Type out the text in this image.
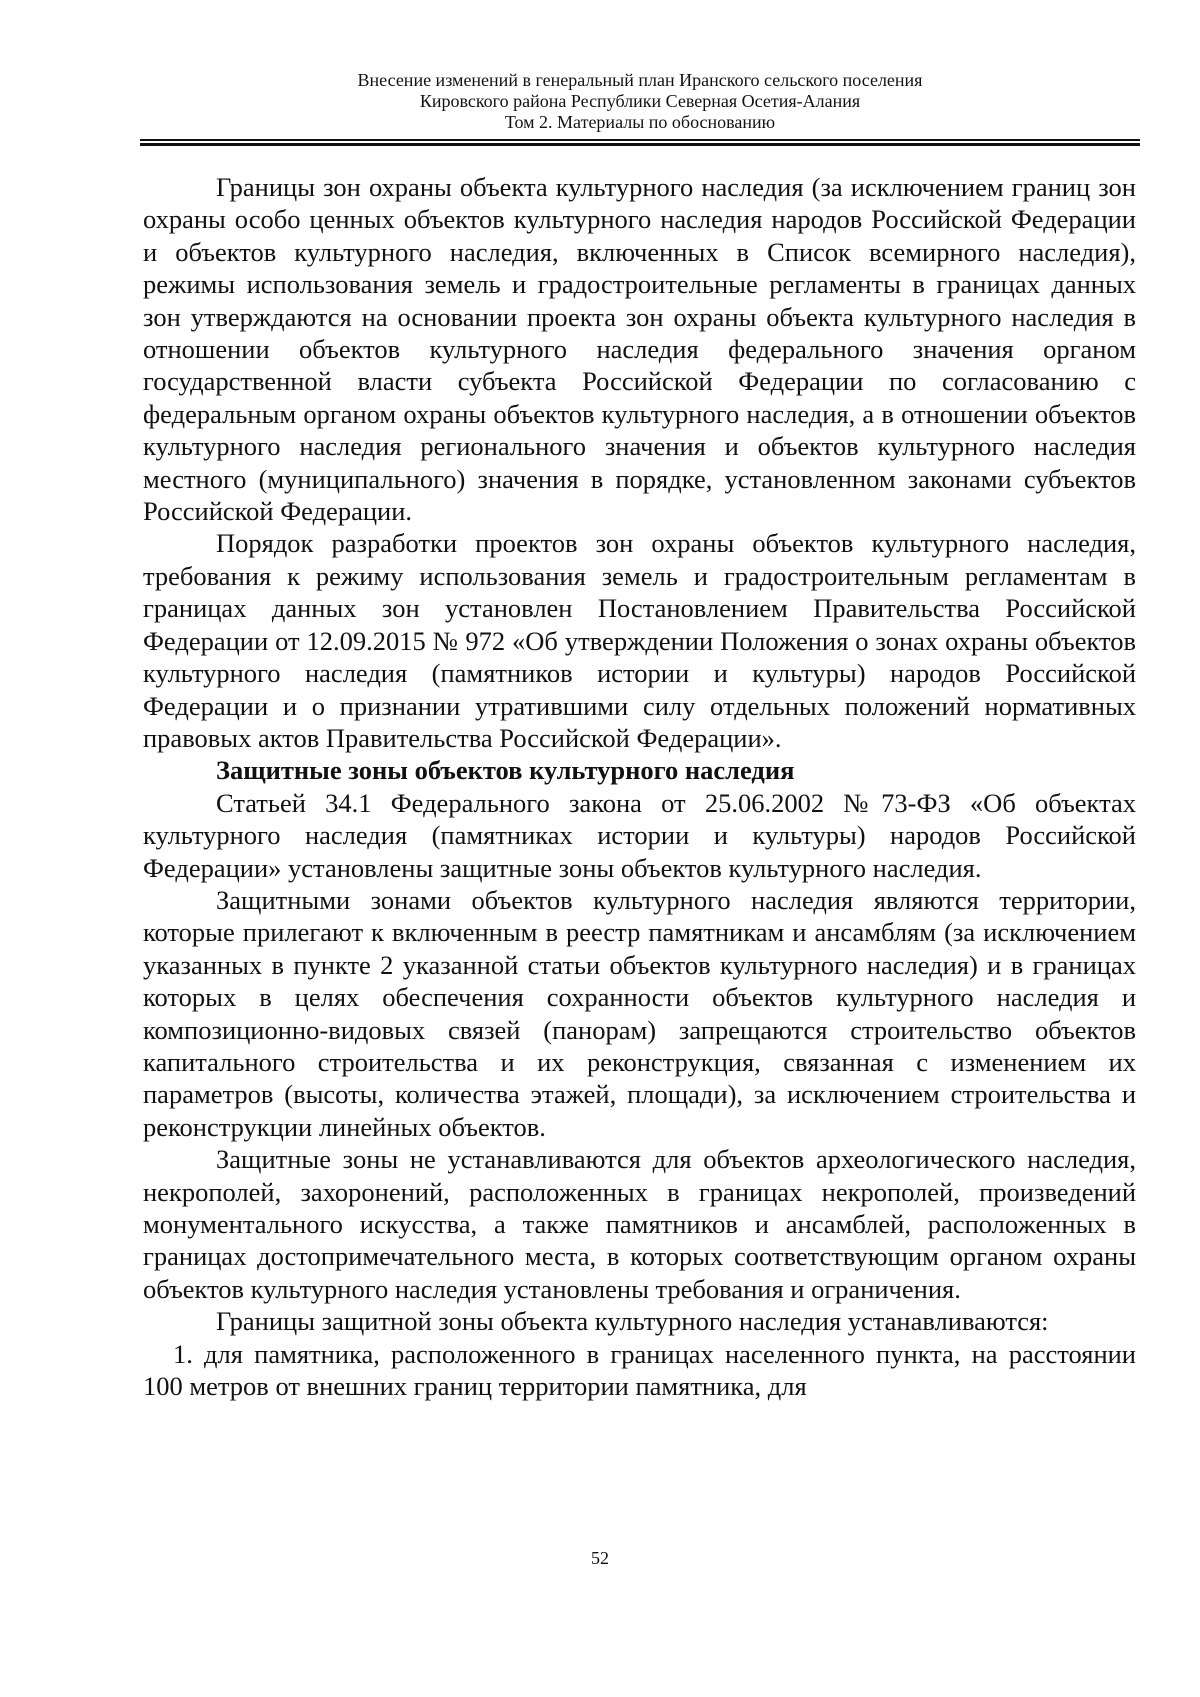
Внесение изменений в генеральный план Иранского сельского поселения
Кировского района Республики Северная Осетия-Алания
Том 2. Материалы по обоснованию

Границы зон охраны объекта культурного наследия (за исключением границ зон охраны особо ценных объектов культурного наследия народов Российской Федерации и объектов культурного наследия, включенных в Список всемирного наследия), режимы использования земель и градостроительные регламенты в границах данных зон утверждаются на основании проекта зон охраны объекта культурного наследия в отношении объектов культурного наследия федерального значения органом государственной власти субъекта Российской Федерации по согласованию с федеральным органом охраны объектов культурного наследия, а в отношении объектов культурного наследия регионального значения и объектов культурного наследия местного (муниципального) значения в порядке, установленном законами субъектов Российской Федерации.

Порядок разработки проектов зон охраны объектов культурного наследия, требования к режиму использования земель и градостроительным регламентам в границах данных зон установлен Постановлением Правительства Российской Федерации от 12.09.2015 № 972 «Об утверждении Положения о зонах охраны объектов культурного наследия (памятников истории и культуры) народов Российской Федерации и о признании утратившими силу отдельных положений нормативных правовых актов Правительства Российской Федерации».

Защитные зоны объектов культурного наследия

Статьей 34.1 Федерального закона от 25.06.2002 №73-ФЗ «Об объектах культурного наследия (памятниках истории и культуры) народов Российской Федерации» установлены защитные зоны объектов культурного наследия.

Защитными зонами объектов культурного наследия являются территории, которые прилегают к включенным в реестр памятникам и ансамблям (за исключением указанных в пункте 2 указанной статьи объектов культурного наследия) и в границах которых в целях обеспечения сохранности объектов культурного наследия и композиционно-видовых связей (панорам) запрещаются строительство объектов капитального строительства и их реконструкция, связанная с изменением их параметров (высоты, количества этажей, площади), за исключением строительства и реконструкции линейных объектов.

Защитные зоны не устанавливаются для объектов археологического наследия, некрополей, захоронений, расположенных в границах некрополей, произведений монументального искусства, а также памятников и ансамблей, расположенных в границах достопримечательного места, в которых соответствующим органом охраны объектов культурного наследия установлены требования и ограничения.

Границы защитной зоны объекта культурного наследия устанавливаются:

1. для памятника, расположенного в границах населенного пункта, на расстоянии 100 метров от внешних границ территории памятника, для

52
